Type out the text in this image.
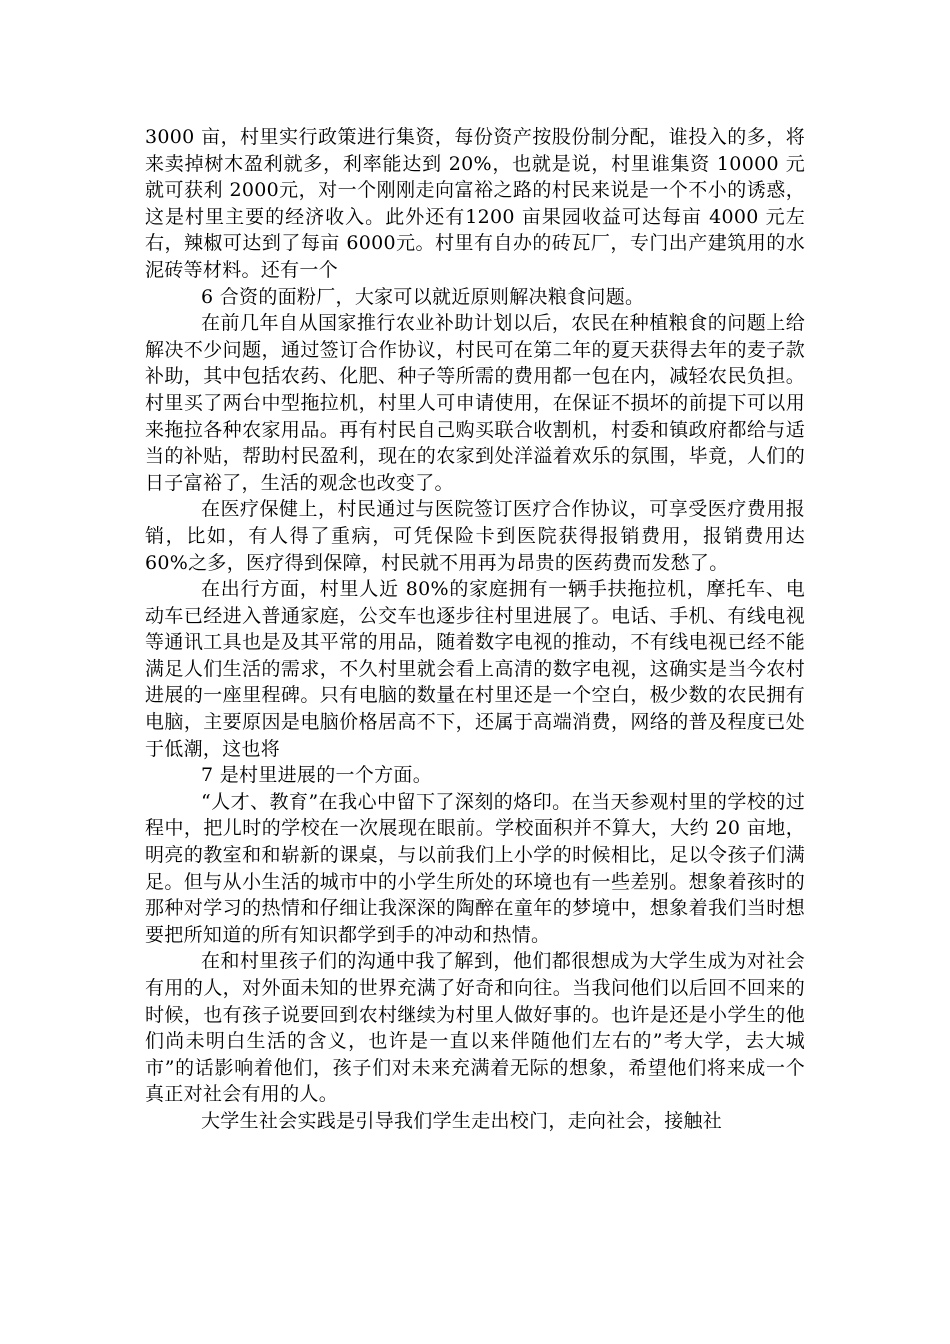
3000 亩，村里实行政策进行集资，每份资产按股份制分配，谁投入的多，将来卖掉树木盈利就多，利率能达到 20%，也就是说，村里谁集资 10000 元就可获利 2000元，对一个刚刚走向富裕之路的村民来说是一个不小的诱惑，这是村里主要的经济收入。此外还有1200 亩果园收益可达每亩 4000 元左右，辣椒可达到了每亩 6000元。村里有自办的砖瓦厂，专门出产建筑用的水泥砖等材料。还有一个

6 合资的面粉厂，大家可以就近原则解决粮食问题。

在前几年自从国家推行农业补助计划以后，农民在种植粮食的问题上给解决不少问题，通过签订合作协议，村民可在第二年的夏天获得去年的麦子款补助，其中包括农药、化肥、种子等所需的费用都一包在内，减轻农民负担。村里买了两台中型拖拉机，村里人可申请使用，在保证不损坏的前提下可以用来拖拉各种农家用品。再有村民自己购买联合收割机，村委和镇政府都给与适当的补贴，帮助村民盈利，现在的农家到处洋溢着欢乐的氛围，毕竟，人们的日子富裕了，生活的观念也改变了。

在医疗保健上，村民通过与医院签订医疗合作协议，可享受医疗费用报销，比如，有人得了重病，可凭保险卡到医院获得报销费用，报销费用达 60%之多，医疗得到保障，村民就不用再为昂贵的医药费而发愁了。

在出行方面，村里人近 80%的家庭拥有一辆手扶拖拉机，摩托车、电动车已经进入普通家庭，公交车也逐步往村里进展了。电话、手机、有线电视等通讯工具也是及其平常的用品，随着数字电视的推动，不有线电视已经不能满足人们生活的需求，不久村里就会看上高清的数字电视，这确实是当今农村进展的一座里程碑。只有电脑的数量在村里还是一个空白，极少数的农民拥有电脑，主要原因是电脑价格居高不下，还属于高端消费，网络的普及程度已处于低潮，这也将

7 是村里进展的一个方面。

“人才、教育”在我心中留下了深刻的烙印。在当天参观村里的学校的过程中，把儿时的学校在一次展现在眼前。学校面积并不算大，大约 20 亩地，明亮的教室和和崭新的课桌，与以前我们上小学的时候相比，足以令孩子们满足。但与从小生活的城市中的小学生所处的环境也有一些差别。想象着孩时的那种对学习的热情和仔细让我深深的陶醉在童年的梦境中，想象着我们当时想要把所知道的所有知识都学到手的冲动和热情。

在和村里孩子们的沟通中我了解到，他们都很想成为大学生成为对社会有用的人，对外面未知的世界充满了好奇和向往。当我问他们以后回不回来的时候，也有孩子说要回到农村继续为村里人做好事的。也许是还是小学生的他们尚未明白生活的含义，也许是一直以来伴随他们左右的”考大学，去大城市”的话影响着他们，孩子们对未来充满着无际的想象，希望他们将来成一个真正对社会有用的人。

大学生社会实践是引导我们学生走出校门，走向社会，接触社
